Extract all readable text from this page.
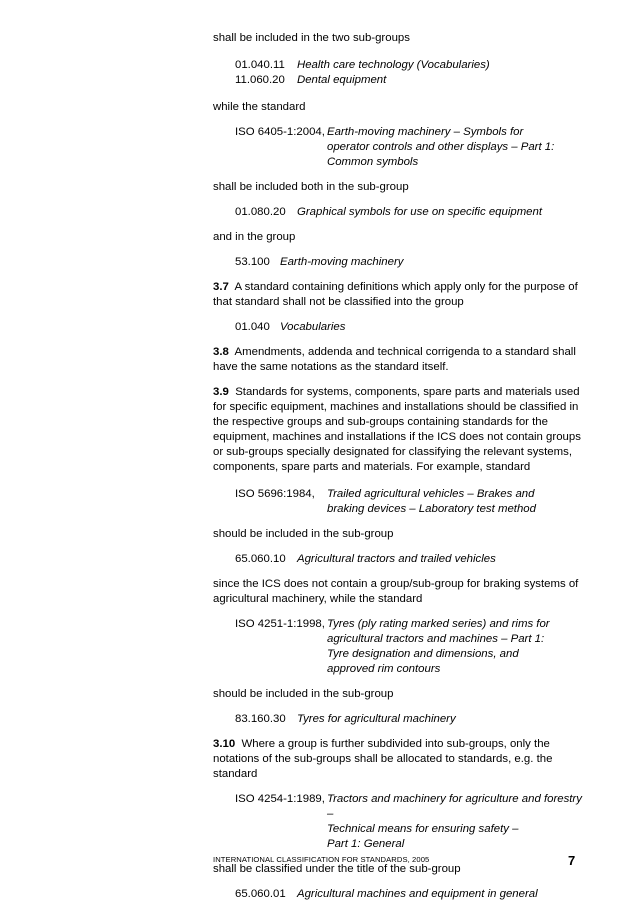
shall be included in the two sub-groups

01.040.11	Health care technology (Vocabularies)
11.060.20	Dental equipment

while the standard

ISO 6405-1:2004, Earth-moving machinery – Symbols for operator controls and other displays – Part 1: Common symbols

shall be included both in the sub-group

01.080.20 Graphical symbols for use on specific equipment

and in the group

53.100 Earth-moving machinery

3.7 A standard containing definitions which apply only for the purpose of that standard shall not be classified into the group

01.040 Vocabularies

3.8 Amendments, addenda and technical corrigenda to a standard shall have the same notations as the standard itself.

3.9 Standards for systems, components, spare parts and materials used for specific equipment, machines and installations should be classified in the respective groups and sub-groups containing standards for the equipment, machines and installations if the ICS does not contain groups or sub-groups specially designated for classifying the relevant systems, components, spare parts and materials. For example, standard

ISO 5696:1984,	Trailed agricultural vehicles – Brakes and braking devices – Laboratory test method

should be included in the sub-group

65.060.10 Agricultural tractors and trailed vehicles

since the ICS does not contain a group/sub-group for braking systems of agricultural machinery, while the standard

ISO 4251-1:1998, Tyres (ply rating marked series) and rims for agricultural tractors and machines – Part 1: Tyre designation and dimensions, and approved rim contours

should be included in the sub-group

83.160.30 Tyres for agricultural machinery

3.10 Where a group is further subdivided into sub-groups, only the notations of the sub-groups shall be allocated to standards, e.g. the standard

ISO 4254-1:1989, Tractors and machinery for agriculture and forestry –
Technical means for ensuring safety –
Part 1: General

shall be classified under the title of the sub-group

65.060.01 Agricultural machines and equipment in general
INTERNATIONAL CLASSIFICATION FOR STANDARDS, 2005	7
